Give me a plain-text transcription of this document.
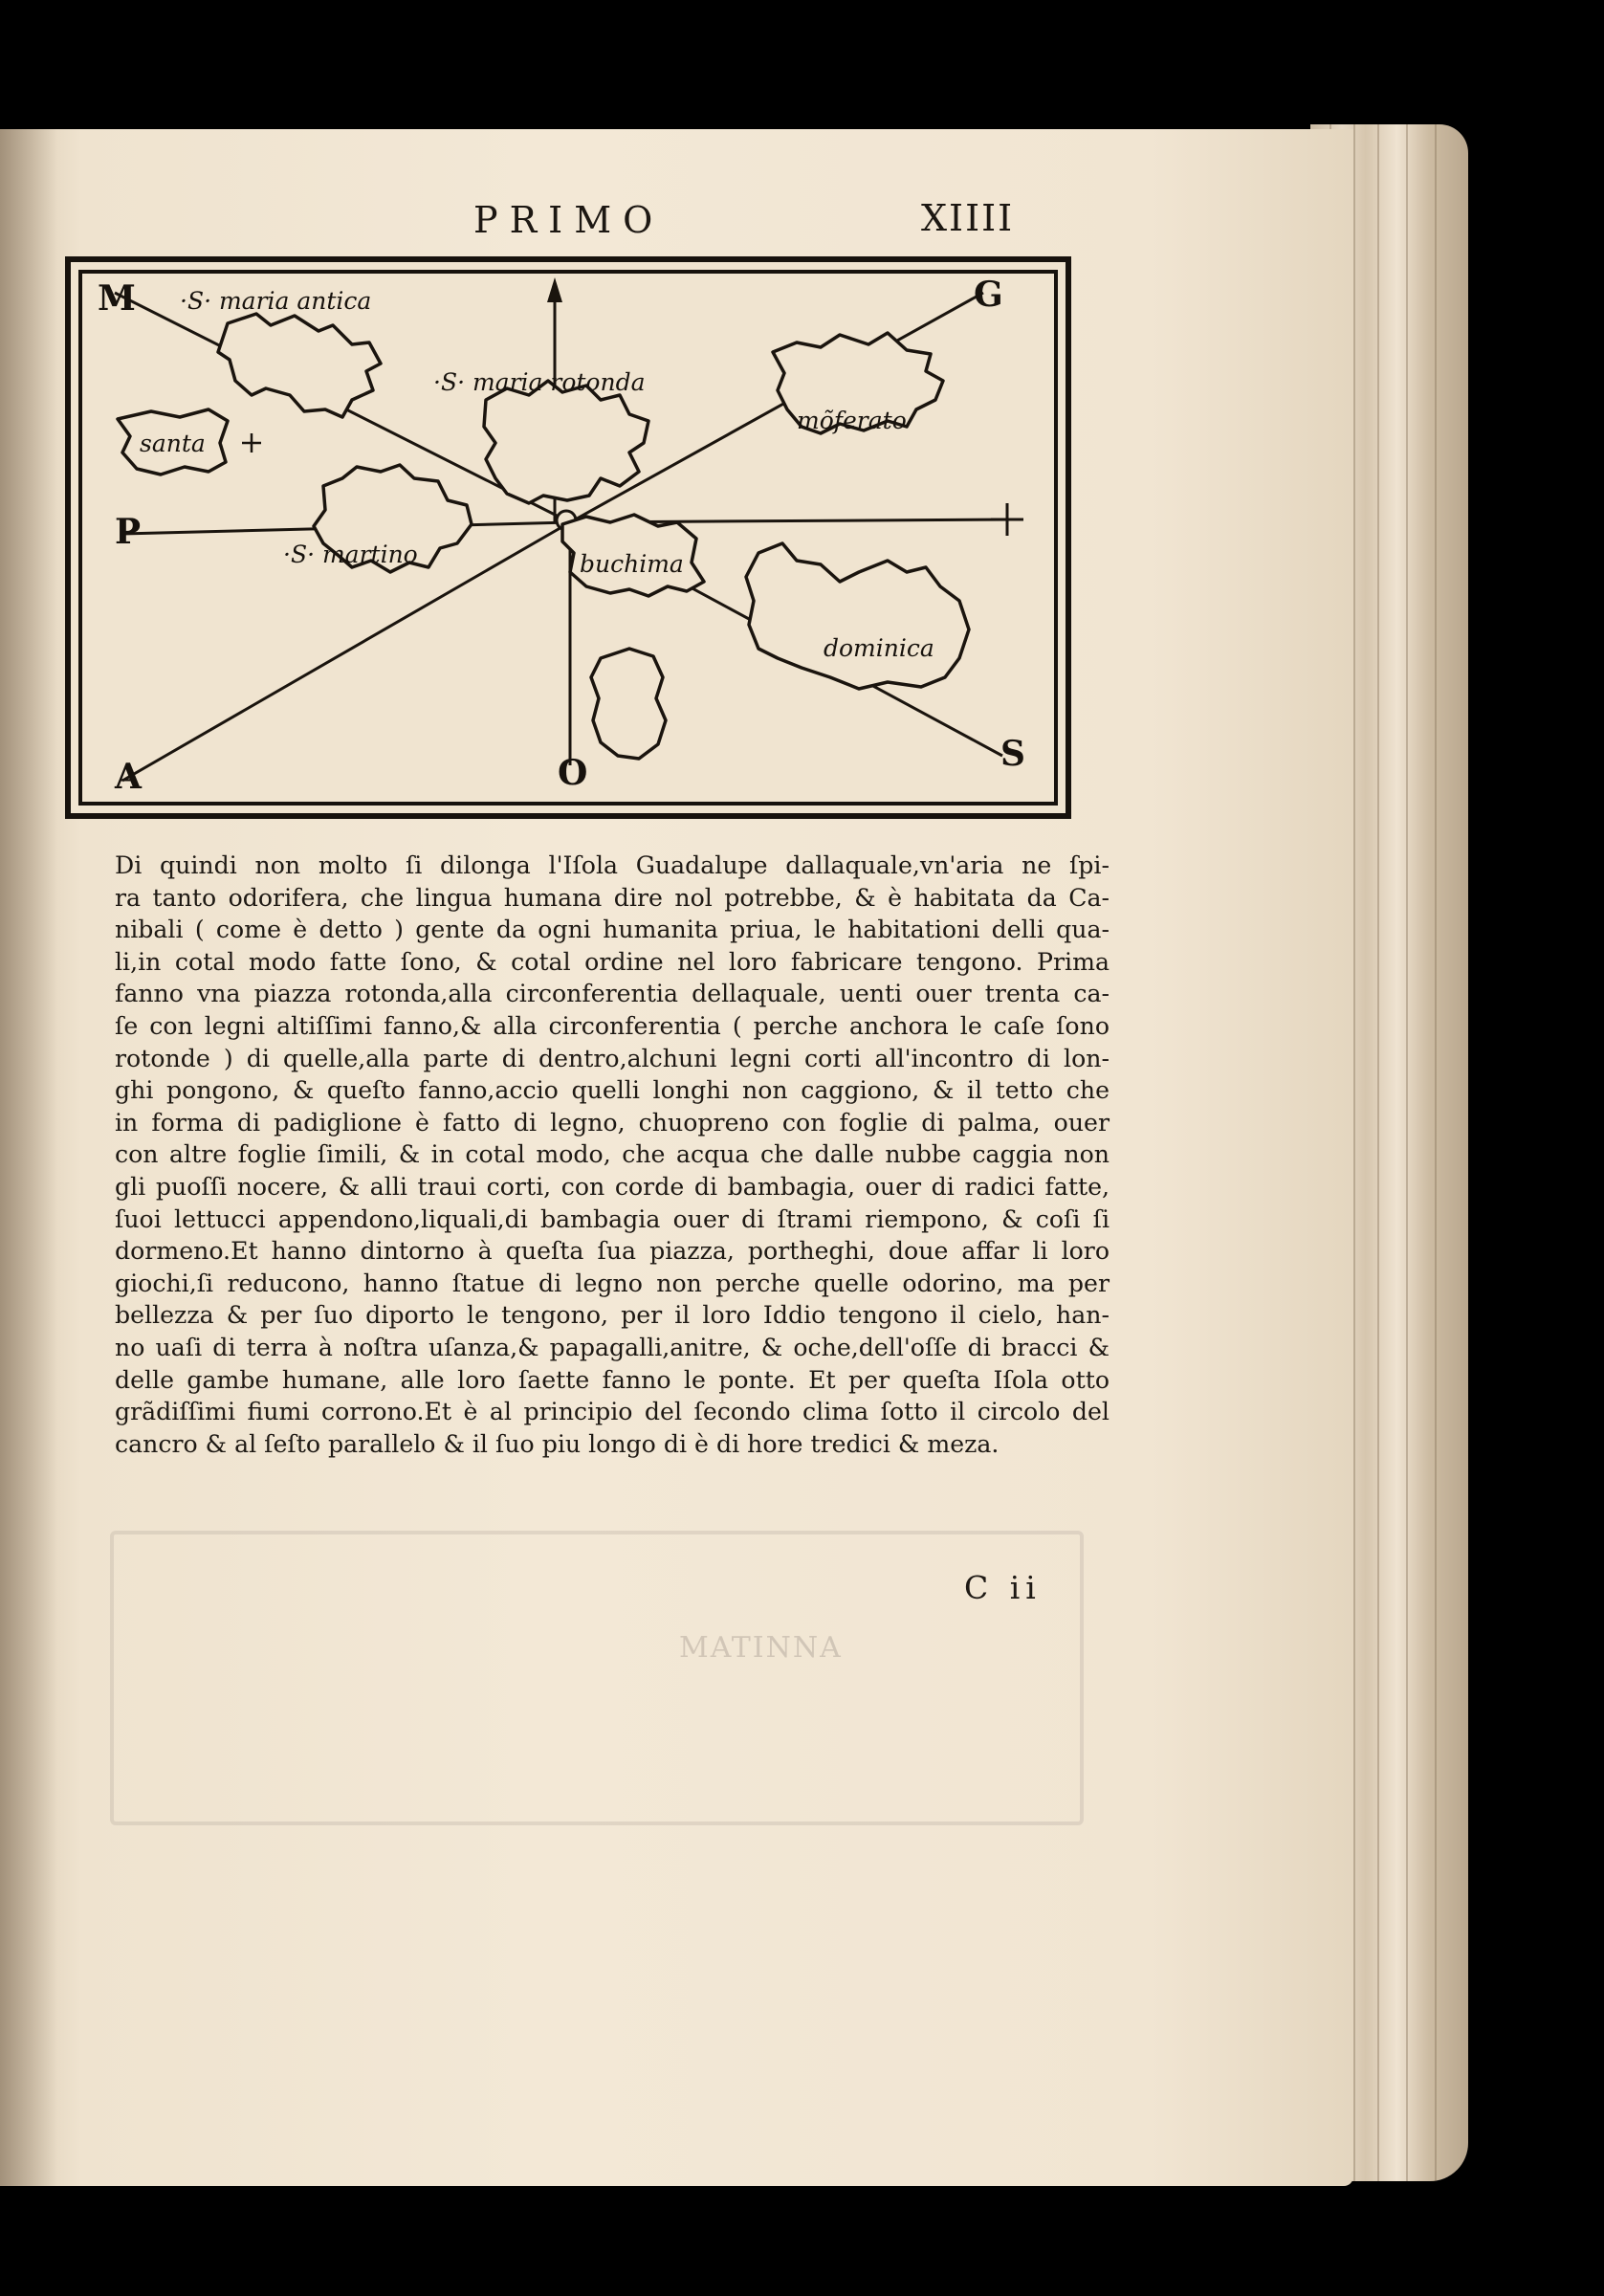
MATINNA
PRIMO	XIIII
M	G
P
A	O	S
·S· maria antica
·S· maria rotonda
santa
mõferato
·S· martino	buchima
dominica
Di quindi non molto ſi dilonga l'Iſola Guadalupe dallaquale,vn'aria ne ſpi-
ra tanto odorifera, che lingua humana dire nol potrebbe, & è habitata da Ca-
nibali ( come è detto ) gente da ogni humanita priua, le habitationi delli qua-
li,in cotal modo fatte ſono, & cotal ordine nel loro fabricare tengono. Prima
fanno vna piazza rotonda,alla circonferentia dellaquale, uenti ouer trenta ca-
ſe con legni altiſſimi fanno,& alla circonferentia ( perche anchora le caſe ſono
rotonde ) di quelle,alla parte di dentro,alchuni legni corti all'incontro di lon-
ghi pongono, & queſto fanno,accio quelli longhi non caggiono, & il tetto che
in forma di padiglione è fatto di legno, chuopreno con foglie di palma, ouer
con altre foglie ſimili, & in cotal modo, che acqua che dalle nubbe caggia non
gli puoſſi nocere, & alli traui corti, con corde di bambagia, ouer di radici fatte,
ſuoi lettucci appendono,liquali,di bambagia ouer di ſtrami riempono, & coſi ſi
dormeno.Et hanno dintorno à queſta ſua piazza, portheghi, doue affar li loro
giochi,ſi reducono, hanno ſtatue di legno non perche quelle odorino, ma per
bellezza & per ſuo diporto le tengono, per il loro Iddio tengono il cielo, han-
no uaſi di terra à noſtra uſanza,& papagalli,anitre, & oche,dell'oſſe di bracci &
delle gambe humane, alle loro ſaette fanno le ponte. Et per queſta Iſola otto
grãdiſſimi fiumi corrono.Et è al principio del ſecondo clima ſotto il circolo del
cancro & al ſeſto parallelo & il ſuo piu longo di è di hore tredici & meza.
C ii
